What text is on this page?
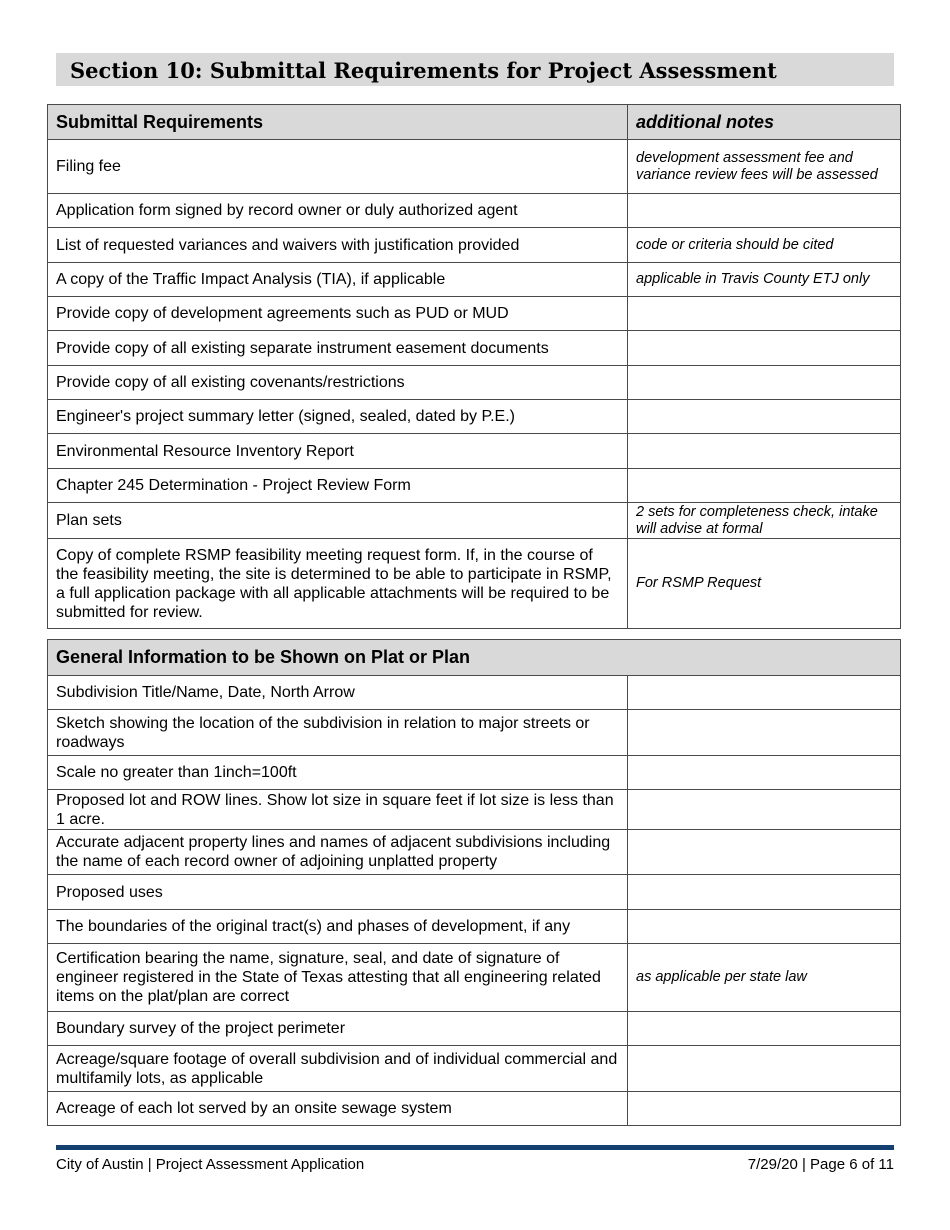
Section 10: Submittal Requirements for Project Assessment
Submittal Requirements	additional notes
Filing fee	development assessment fee and variance review fees will be assessed
Application form signed by record owner or duly authorized agent	
List of requested variances and waivers with justification provided	code or criteria should be cited
A copy of the Traffic Impact Analysis (TIA), if applicable	applicable in Travis County ETJ only
Provide copy of development agreements such as PUD or MUD	
Provide copy of all existing separate instrument easement documents	
Provide copy of all existing covenants/restrictions	
Engineer's project summary letter (signed, sealed, dated by P.E.)	
Environmental Resource Inventory Report	
Chapter 245 Determination - Project Review Form	
Plan sets	2 sets for completeness check, intake will advise at formal
Copy of complete RSMP feasibility meeting request form. If, in the course of the feasibility meeting, the site is determined to be able to participate in RSMP, a full application package with all applicable attachments will be required to be submitted for review.	For RSMP Request
General Information to be Shown on Plat or Plan	
Subdivision Title/Name, Date, North Arrow	
Sketch showing the location of the subdivision in relation to major streets or roadways	
Scale no greater than 1inch=100ft	
Proposed lot and ROW lines. Show lot size in square feet if lot size is less than 1 acre.	
Accurate adjacent property lines and names of adjacent subdivisions including the name of each record owner of adjoining unplatted property	
Proposed uses	
The boundaries of the original tract(s) and phases of development, if any	
Certification bearing the name, signature, seal, and date of signature of engineer registered in the State of Texas attesting that all engineering related items on the plat/plan are correct	as applicable per state law
Boundary survey of the project perimeter	
Acreage/square footage of overall subdivision and of individual commercial and multifamily lots, as applicable	
Acreage of each lot served by an onsite sewage system	
City of Austin | Project Assessment Application	7/29/20 | Page 6 of 11
